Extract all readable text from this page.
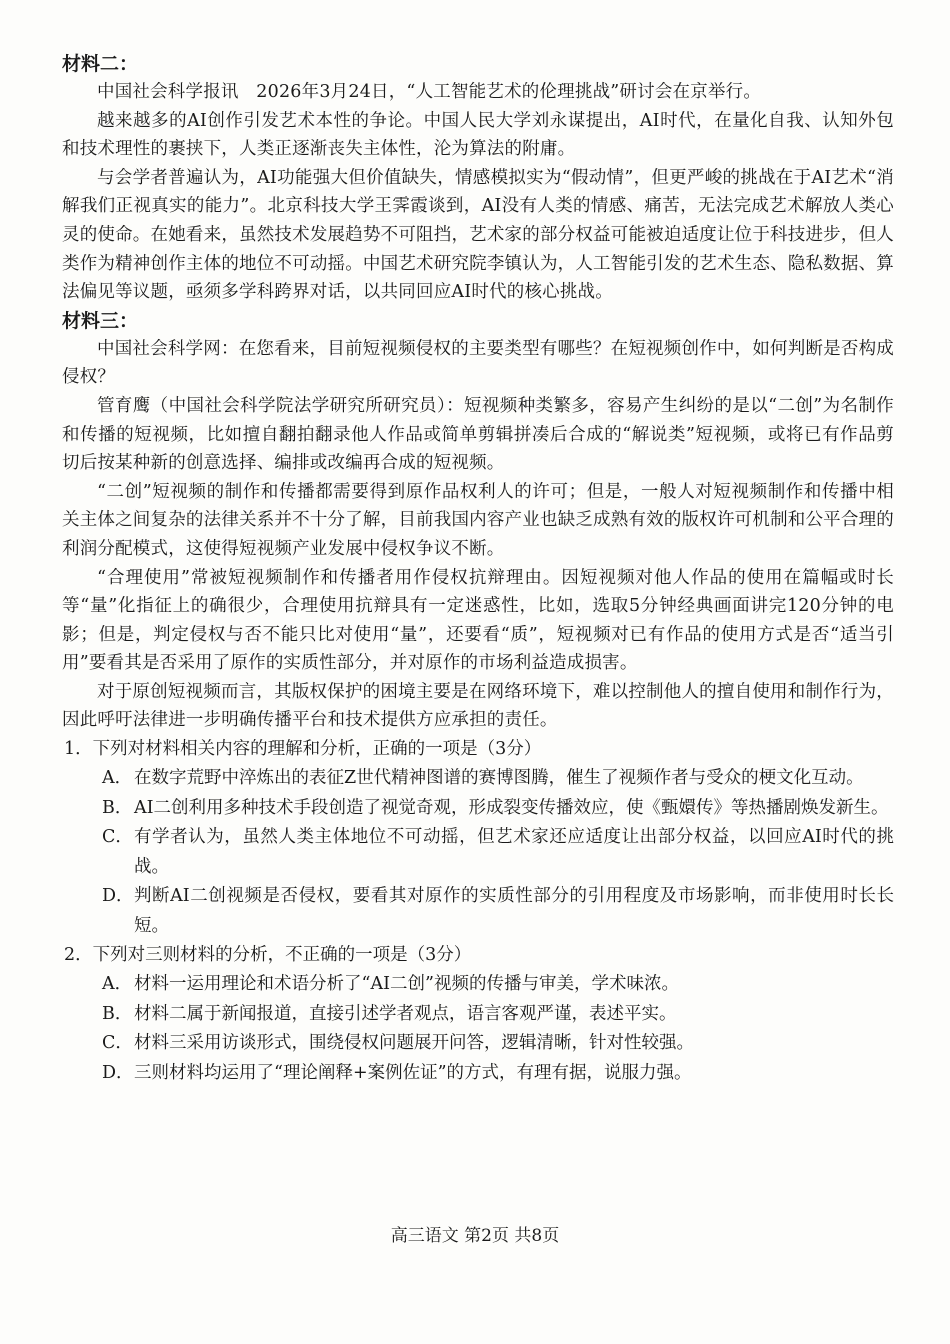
材料二：

中国社会科学报讯　2026年3月24日，“人工智能艺术的伦理挑战”研讨会在京举行。

越来越多的AI创作引发艺术本性的争论。中国人民大学刘永谋提出，AI时代，在量化自我、认知外包和技术理性的裹挟下，人类正逐渐丧失主体性，沦为算法的附庸。

与会学者普遍认为，AI功能强大但价值缺失，情感模拟实为“假动情”，但更严峻的挑战在于AI艺术“消解我们正视真实的能力”。北京科技大学王霁霞谈到，AI没有人类的情感、痛苦，无法完成艺术解放人类心灵的使命。在她看来，虽然技术发展趋势不可阻挡，艺术家的部分权益可能被迫适度让位于科技进步，但人类作为精神创作主体的地位不可动摇。中国艺术研究院李镇认为，人工智能引发的艺术生态、隐私数据、算法偏见等议题，亟须多学科跨界对话，以共同回应AI时代的核心挑战。

材料三：

中国社会科学网：在您看来，目前短视频侵权的主要类型有哪些？在短视频创作中，如何判断是否构成侵权？

管育鹰（中国社会科学院法学研究所研究员）：短视频种类繁多，容易产生纠纷的是以“二创”为名制作和传播的短视频，比如擅自翻拍翻录他人作品或简单剪辑拼凑后合成的“解说类”短视频，或将已有作品剪切后按某种新的创意选择、编排或改编再合成的短视频。

“二创”短视频的制作和传播都需要得到原作品权利人的许可；但是，一般人对短视频制作和传播中相关主体之间复杂的法律关系并不十分了解，目前我国内容产业也缺乏成熟有效的版权许可机制和公平合理的利润分配模式，这使得短视频产业发展中侵权争议不断。

“合理使用”常被短视频制作和传播者用作侵权抗辩理由。因短视频对他人作品的使用在篇幅或时长等“量”化指征上的确很少，合理使用抗辩具有一定迷惑性，比如，选取5分钟经典画面讲完120分钟的电影；但是，判定侵权与否不能只比对使用“量”，还要看“质”，短视频对已有作品的使用方式是否“适当引用”要看其是否采用了原作的实质性部分，并对原作的市场利益造成损害。

对于原创短视频而言，其版权保护的困境主要是在网络环境下，难以控制他人的擅自使用和制作行为，因此呼吁法律进一步明确传播平台和技术提供方应承担的责任。

1．下列对材料相关内容的理解和分析，正确的一项是（3分）

A． 在数字荒野中淬炼出的表征Z世代精神图谱的赛博图腾，催生了视频作者与受众的梗文化互动。
B． AI二创利用多种技术手段创造了视觉奇观，形成裂变传播效应，使《甄嬛传》等热播剧焕发新生。
C． 有学者认为，虽然人类主体地位不可动摇，但艺术家还应适度让出部分权益，以回应AI时代的挑战。
D． 判断AI二创视频是否侵权，要看其对原作的实质性部分的引用程度及市场影响，而非使用时长长短。

2．下列对三则材料的分析，不正确的一项是（3分）

A． 材料一运用理论和术语分析了“AI二创”视频的传播与审美，学术味浓。
B． 材料二属于新闻报道，直接引述学者观点，语言客观严谨，表述平实。
C． 材料三采用访谈形式，围绕侵权问题展开问答，逻辑清晰，针对性较强。
D． 三则材料均运用了“理论阐释+案例佐证”的方式，有理有据，说服力强。
高三语文 第2页 共8页
